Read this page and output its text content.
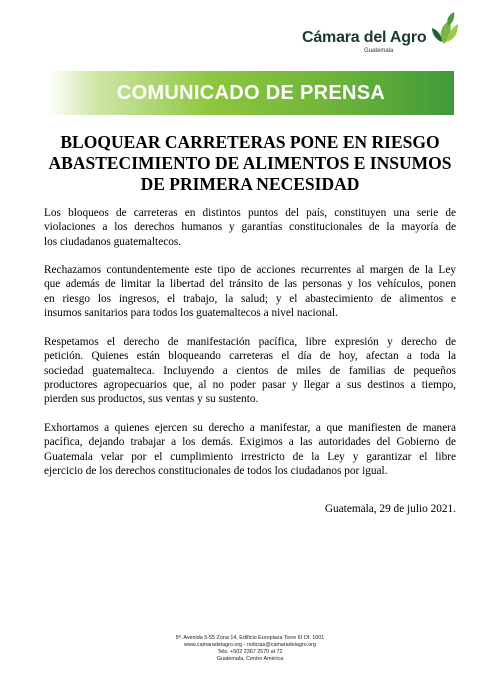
Cámara del Agro
Guatemala
COMUNICADO DE PRENSA
BLOQUEAR CARRETERAS PONE EN RIESGO
ABASTECIMIENTO DE ALIMENTOS E INSUMOS
DE PRIMERA NECESIDAD
Los bloqueos de carreteras en distintos puntos del país, constituyen una serie de
violaciones a los derechos humanos y garantías constitucionales de la mayoría de
los ciudadanos guatemaltecos.
Rechazamos contundentemente este tipo de acciones recurrentes al margen de la Ley
que además de limitar la libertad del tránsito de las personas y los vehículos, ponen
en riesgo los ingresos, el trabajo, la salud; y el abastecimiento de alimentos e
insumos sanitarios para todos los guatemaltecos a nivel nacional.
Respetamos el derecho de manifestación pacífica, libre expresión y derecho de
petición. Quienes están bloqueando carreteras el día de hoy, afectan a toda la
sociedad guatemalteca. Incluyendo a cientos de miles de familias de pequeños
productores agropecuarios que, al no poder pasar y llegar a sus destinos a tiempo,
pierden sus productos, sus ventas y su sustento.
Exhortamos a quienes ejercen su derecho a manifestar, a que manifiesten de manera
pacífica, dejando trabajar a los demás. Exigimos a las autoridades del Gobierno de
Guatemala velar por el cumplimiento irrestricto de la Ley y garantizar el libre
ejercicio de los derechos constitucionales de todos los ciudadanos por igual.
Guatemala, 29 de julio 2021.
5ª. Avenida 5-55 Zona 14, Edificio Europlaza Torre III Of. 1001
www.camaradelagro.org - noticias@camaradelagro.org
Tels. +502 2367 2570 al 72
Guatemala, Centro América
